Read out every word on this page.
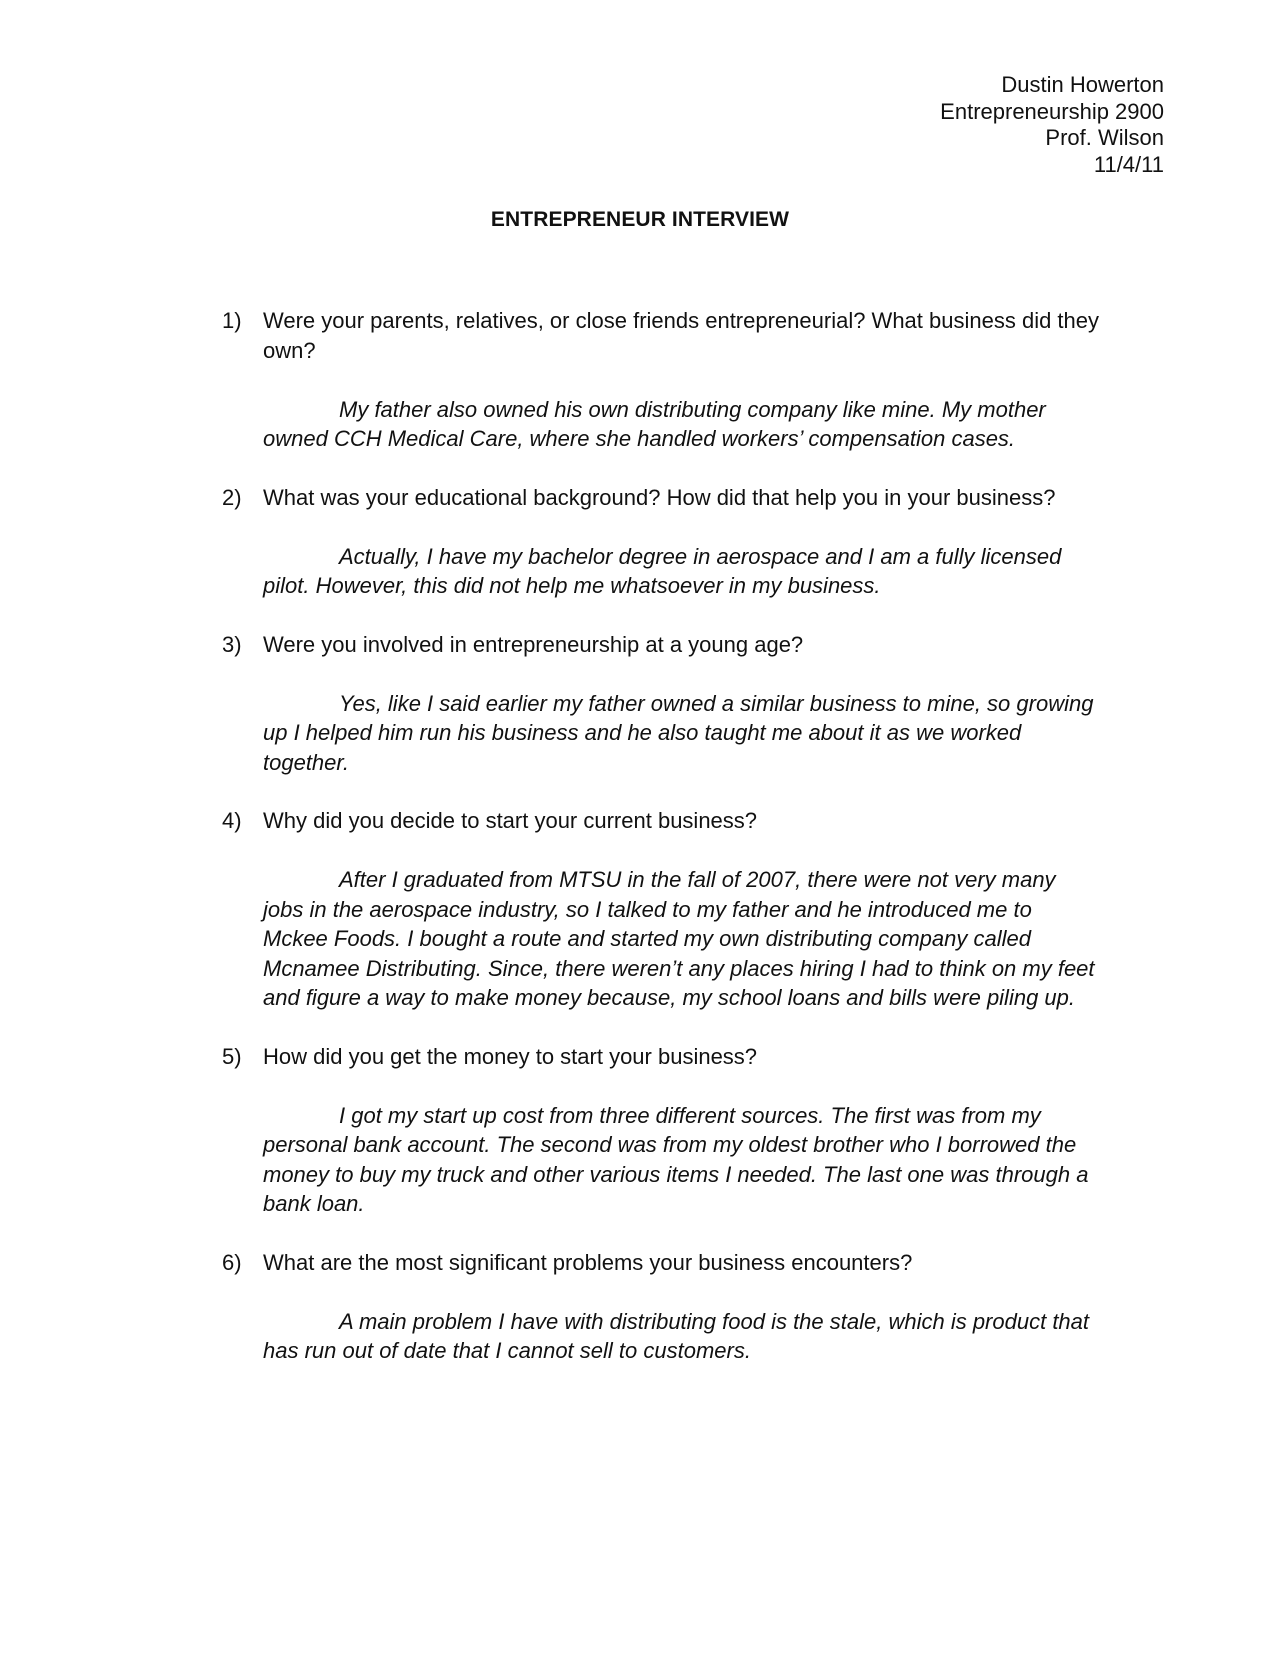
Dustin Howerton
Entrepreneurship 2900
Prof. Wilson
11/4/11
ENTREPRENEUR INTERVIEW
1) Were your parents, relatives, or close friends entrepreneurial? What business did they own?
My father also owned his own distributing company like mine. My mother owned CCH Medical Care, where she handled workers’ compensation cases.
2) What was your educational background? How did that help you in your business?
Actually, I have my bachelor degree in aerospace and I am a fully licensed pilot. However, this did not help me whatsoever in my business.
3) Were you involved in entrepreneurship at a young age?
Yes, like I said earlier my father owned a similar business to mine, so growing up I helped him run his business and he also taught me about it as we worked together.
4) Why did you decide to start your current business?
After I graduated from MTSU in the fall of 2007, there were not very many jobs in the aerospace industry, so I talked to my father and he introduced me to Mckee Foods. I bought a route and started my own distributing company called Mcnamee Distributing. Since, there weren’t any places hiring I had to think on my feet and figure a way to make money because, my school loans and bills were piling up.
5) How did you get the money to start your business?
I got my start up cost from three different sources. The first was from my personal bank account. The second was from my oldest brother who I borrowed the money to buy my truck and other various items I needed. The last one was through a bank loan.
6) What are the most significant problems your business encounters?
A main problem I have with distributing food is the stale, which is product that has run out of date that I cannot sell to customers.
